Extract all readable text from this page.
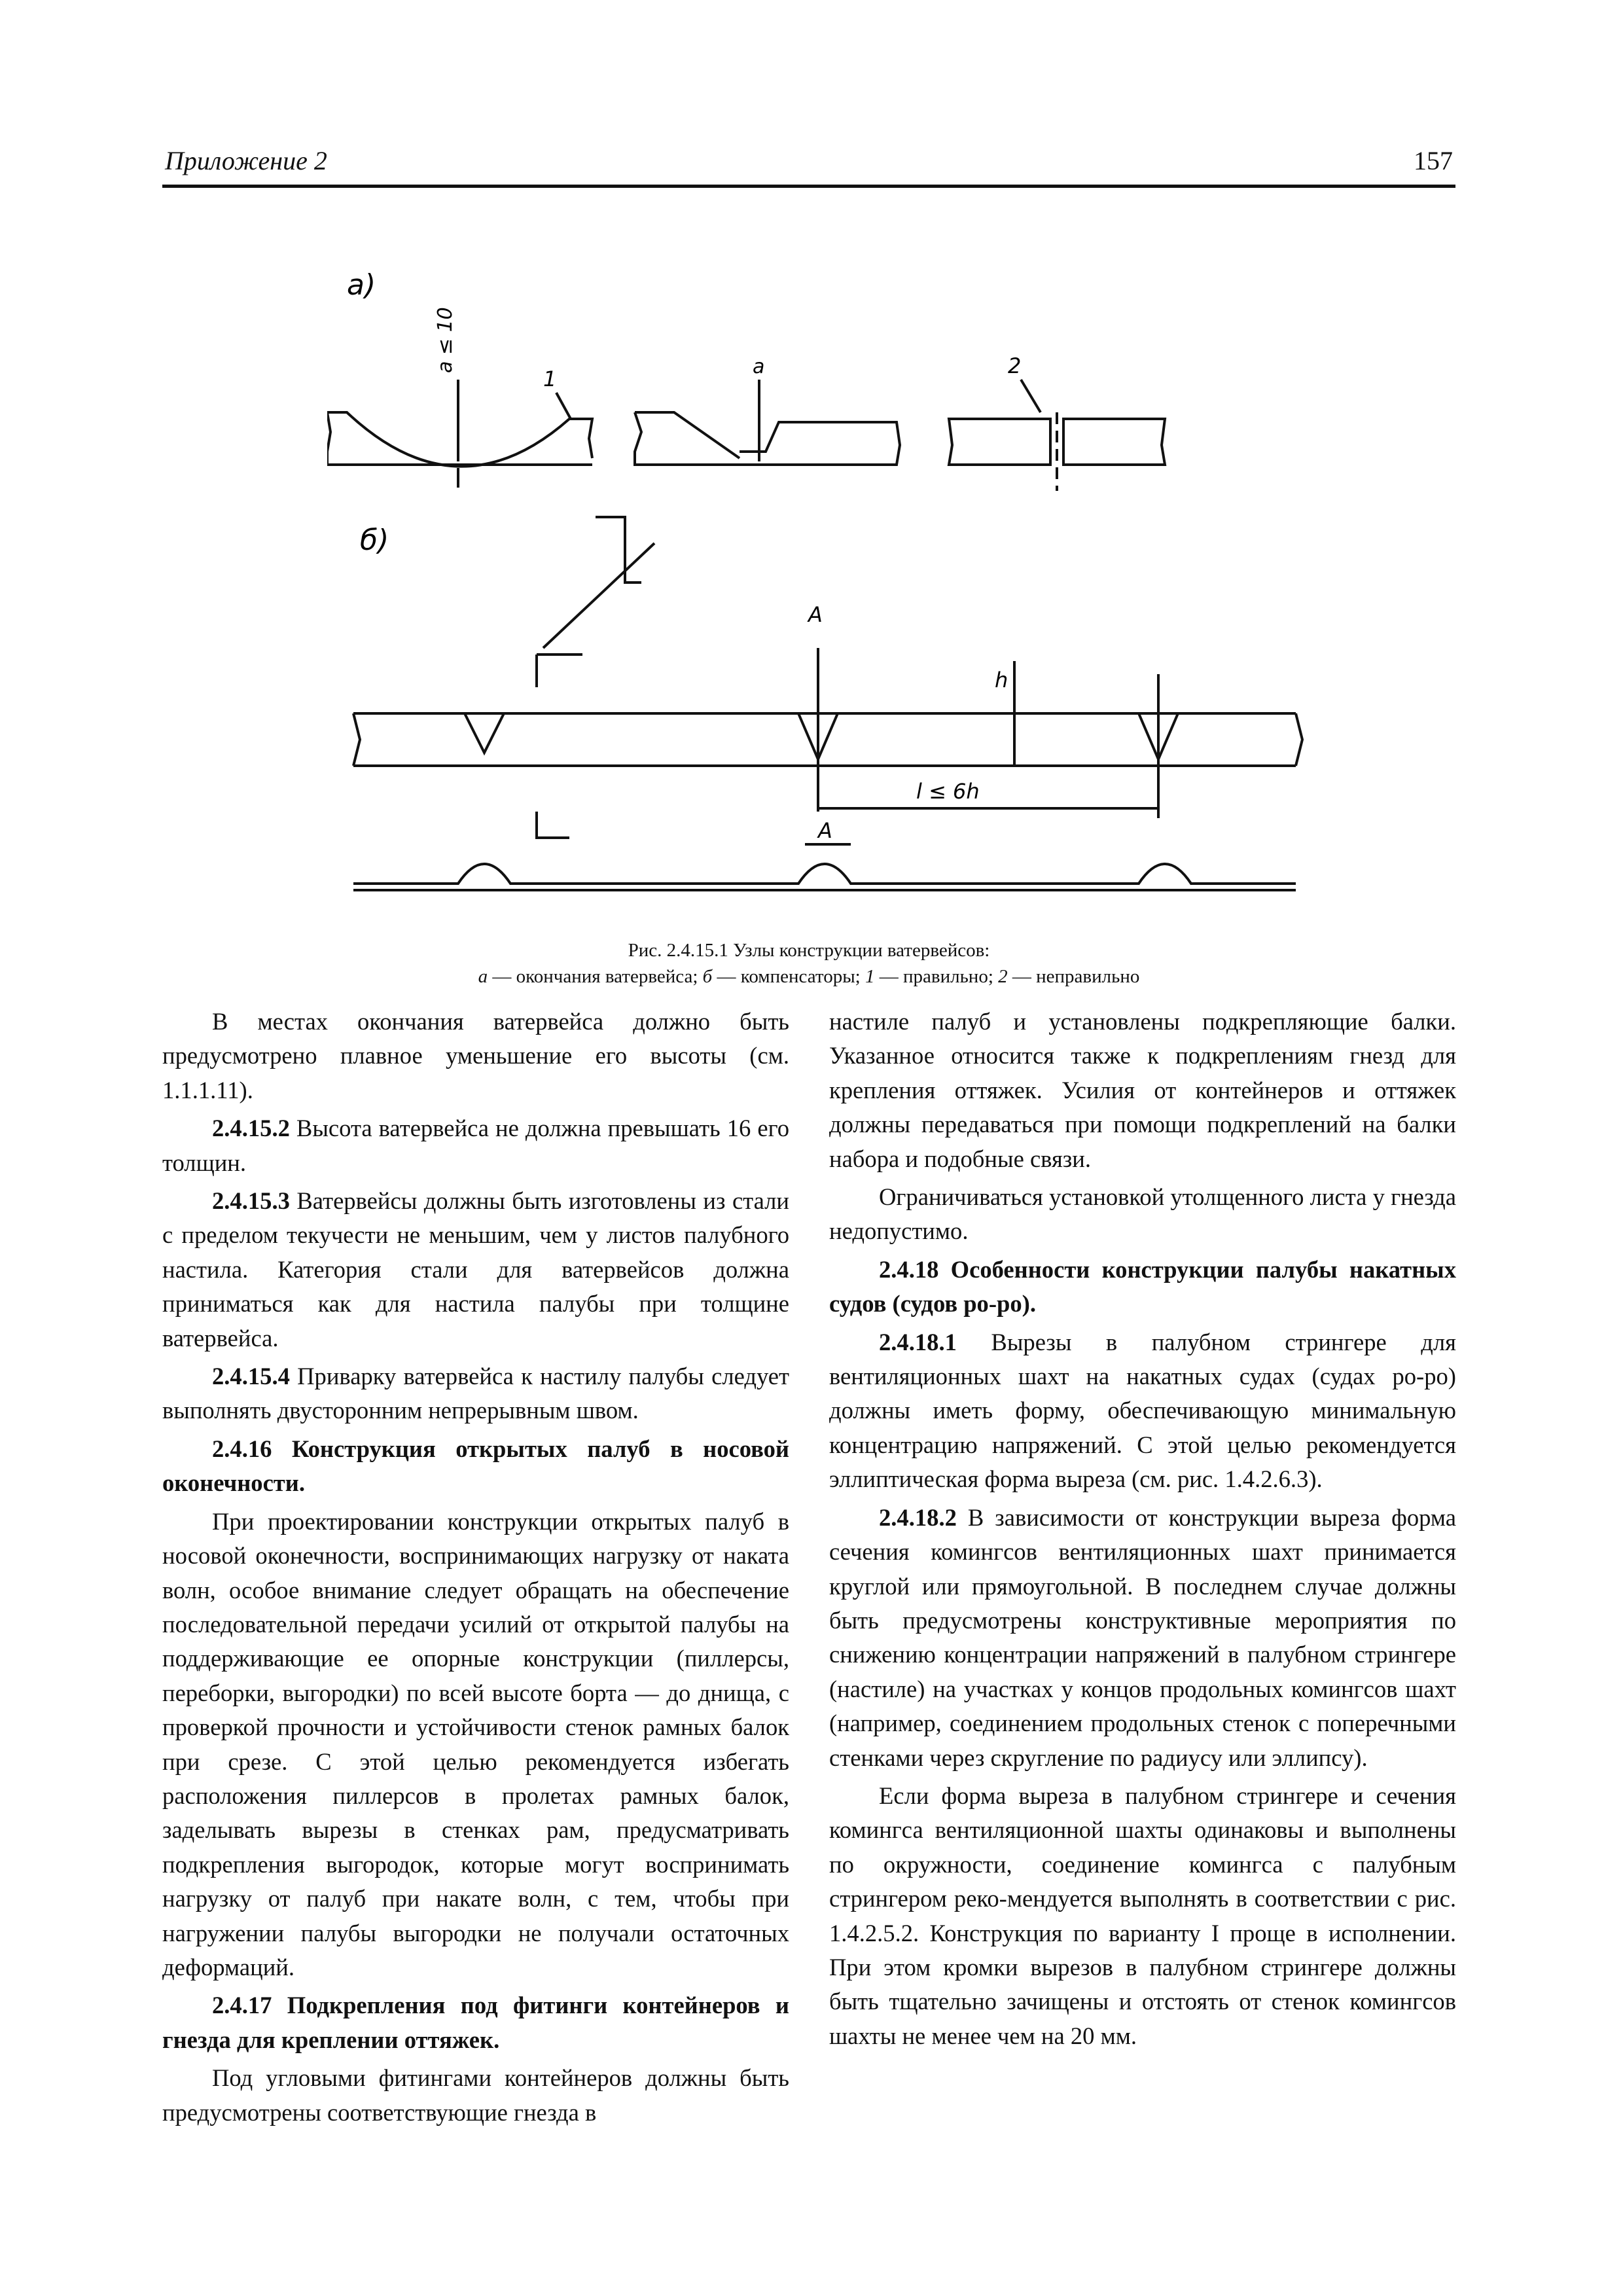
Приложение 2	157
а)
б)
a ≤ 10	a
1
2
А
h
l ≤ 6h
А
Рис. 2.4.15.1 Узлы конструкции ватервейсов:
а — окончания ватервейса; б — компенсаторы; 1 — правильно; 2 — неправильно

В местах окончания ватервейса должно быть предусмотрено плавное уменьшение его высоты (см. 1.1.1.11).

2.4.15.2 Высота ватервейса не должна превышать 16 его толщин.

2.4.15.3 Ватервейсы должны быть изготовлены из стали с пределом текучести не меньшим, чем у листов палубного настила. Категория стали для ватервейсов должна приниматься как для настила палубы при толщине ватервейса.

2.4.15.4 Приварку ватервейса к настилу палубы следует выполнять двусторонним непрерывным швом.

2.4.16 Конструкция открытых палуб в носовой оконечности.

При проектировании конструкции открытых палуб в носовой оконечности, воспринимающих нагрузку от наката волн, особое внимание следует обращать на обеспечение последовательной передачи усилий от открытой палубы на поддерживающие ее опорные конструкции (пиллерсы, переборки, выгородки) по всей высоте борта — до днища, с проверкой прочности и устойчивости стенок рамных балок при срезе. С этой целью рекомендуется избегать расположения пиллерсов в пролетах рамных балок, заделывать вырезы в стенках рам, предусматривать подкрепления выгородок, которые могут воспринимать нагрузку от палуб при накате волн, с тем, чтобы при нагружении палубы выгородки не получали остаточных деформаций.

2.4.17 Подкрепления под фитинги контейнеров и гнезда для креплении оттяжек.

Под угловыми фитингами контейнеров должны быть предусмотрены соответствующие гнезда в

настиле палуб и установлены подкрепляющие балки. Указанное относится также к подкреплениям гнезд для крепления оттяжек. Усилия от контейнеров и оттяжек должны передаваться при помощи подкреплений на балки набора и подобные связи.

Ограничиваться установкой утолщенного листа у гнезда недопустимо.

2.4.18 Особенности конструкции палубы накатных судов (судов ро-ро).

2.4.18.1 Вырезы в палубном стрингере для вентиляционных шахт на накатных судах (судах ро-ро) должны иметь форму, обеспечивающую минимальную концентрацию напряжений. С этой целью рекомендуется эллиптическая форма выреза (см. рис. 1.4.2.6.3).

2.4.18.2 В зависимости от конструкции выреза форма сечения комингсов вентиляционных шахт принимается круглой или прямоугольной. В последнем случае должны быть предусмотрены конструктивные мероприятия по снижению концентрации напряжений в палубном стрингере (настиле) на участках у концов продольных комингсов шахт (например, соединением продольных стенок с поперечными стенками через скругление по радиусу или эллипсу).

Если форма выреза в палубном стрингере и сечения комингса вентиляционной шахты одинаковы и выполнены по окружности, соединение комингса с палубным стрингером реко-мендуется выполнять в соответствии с рис. 1.4.2.5.2. Конструкция по варианту I проще в исполнении. При этом кромки вырезов в палубном стрингере должны быть тщательно зачищены и отстоять от стенок комингсов шахты не менее чем на 20 мм.
